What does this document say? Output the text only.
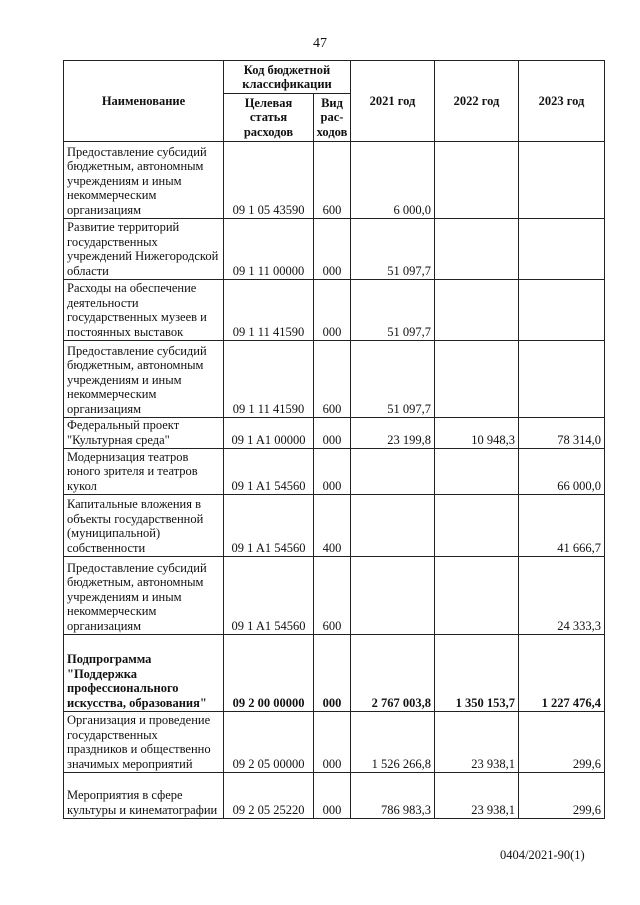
47
Наименование	Код бюджетной классификации		2021 год	2022 год	2023 год
	Целевая статья расходов	Вид рас-ходов			
Предоставление субсидий бюджетным, автономным учреждениям и иным некоммерческим организациям	09 1 05 43590	600	6 000,0		
Развитие территорий государственных учреждений Нижегородской области	09 1 11 00000	000	51 097,7		
Расходы на обеспечение деятельности государственных музеев и постоянных выставок	09 1 11 41590	000	51 097,7		
Предоставление субсидий бюджетным, автономным учреждениям и иным некоммерческим организациям	09 1 11 41590	600	51 097,7		
Федеральный проект "Культурная среда"	09 1 A1 00000	000	23 199,8	10 948,3	78 314,0
Модернизация театров юного зрителя и театров кукол	09 1 A1 54560	000			66 000,0
Капитальные вложения в объекты государственной (муниципальной) собственности	09 1 A1 54560	400			41 666,7
Предоставление субсидий бюджетным, автономным учреждениям и иным некоммерческим организациям	09 1 A1 54560	600			24 333,3
Подпрограмма "Поддержка профессионального искусства, образования"	09 2 00 00000	000	2 767 003,8	1 350 153,7	1 227 476,4
Организация и проведение государственных праздников и общественно значимых мероприятий	09 2 05 00000	000	1 526 266,8	23 938,1	299,6
Мероприятия в сфере культуры и кинематографии	09 2 05 25220	000	786 983,3	23 938,1	299,6
0404/2021-90(1)
